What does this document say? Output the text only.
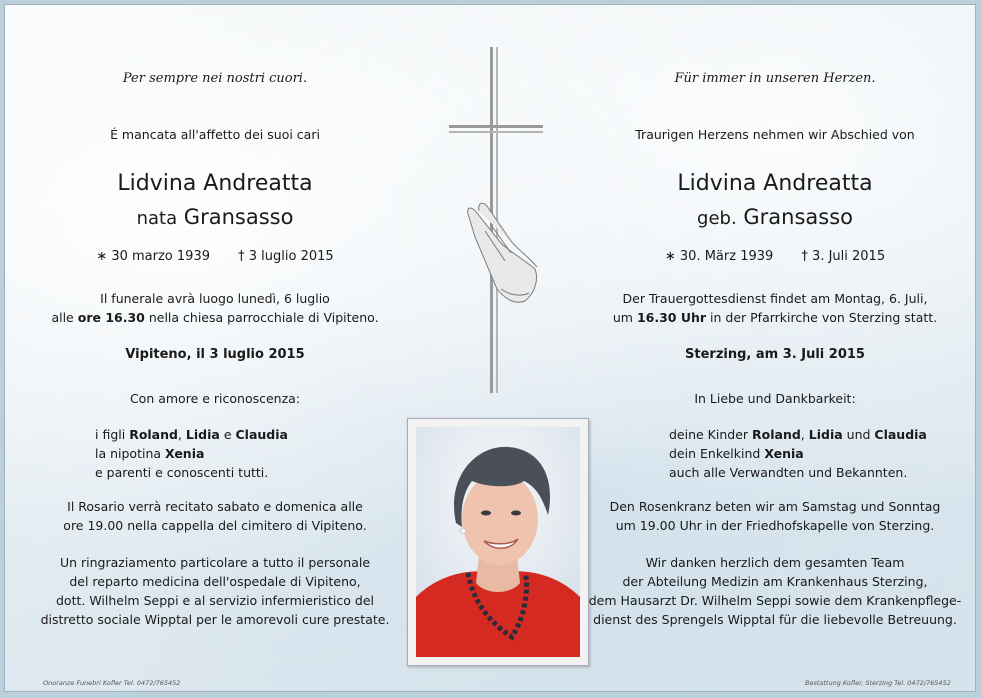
Per sempre nei nostri cuori.
É mancata all'affetto dei suoi cari
Lidvina Andreatta
nata Gransasso
∗ 30 marzo 1939 † 3 luglio 2015
Il funerale avrà luogo lunedì, 6 luglio
alle ore 16.30 nella chiesa parrocchiale di Vipiteno.
Vipiteno, il 3 luglio 2015
Con amore e riconoscenza:
i figli Roland, Lidia e Claudia
la nipotina Xenia
e parenti e conoscenti tutti.
Il Rosario verrà recitato sabato e domenica alle
ore 19.00 nella cappella del cimitero di Vipiteno.
Un ringraziamento particolare a tutto il personale
del reparto medicina dell'ospedale di Vipiteno,
dott. Wilhelm Seppi e al servizio infermieristico del
distretto sociale Wipptal per le amorevoli cure prestate.
Für immer in unseren Herzen.
Traurigen Herzens nehmen wir Abschied von
Lidvina Andreatta
geb. Gransasso
∗ 30. März 1939 † 3. Juli 2015
Der Trauergottesdienst findet am Montag, 6. Juli,
um 16.30 Uhr in der Pfarrkirche von Sterzing statt.
Sterzing, am 3. Juli 2015
In Liebe und Dankbarkeit:
deine Kinder Roland, Lidia und Claudia
dein Enkelkind Xenia
auch alle Verwandten und Bekannten.
Den Rosenkranz beten wir am Samstag und Sonntag
um 19.00 Uhr in der Friedhofskapelle von Sterzing.
Wir danken herzlich dem gesamten Team
der Abteilung Medizin am Krankenhaus Sterzing,
dem Hausarzt Dr. Wilhelm Seppi sowie dem Krankenpflege-
dienst des Sprengels Wipptal für die liebevolle Betreuung.
Onoranze Funebri Kofler Tel. 0472/765452	Bestattung Kofler, Sterzing Tel. 0472/765452
